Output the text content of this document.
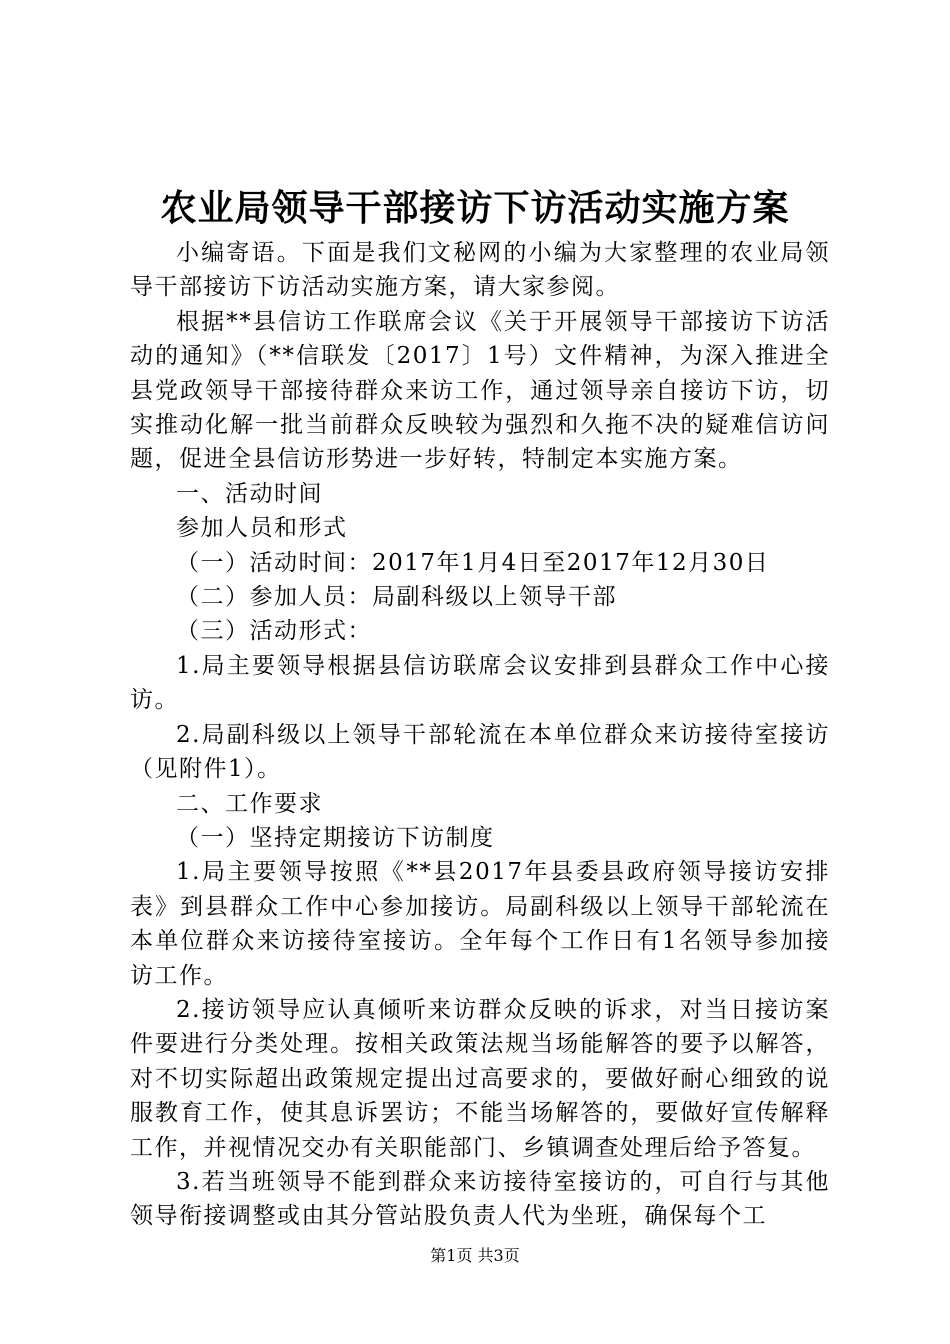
农业局领导干部接访下访活动实施方案

小编寄语。下面是我们文秘网的小编为大家整理的农业局领导干部接访下访活动实施方案，请大家参阅。

根据**县信访工作联席会议《关于开展领导干部接访下访活动的通知》（**信联发〔2017〕1号）文件精神，为深入推进全县党政领导干部接待群众来访工作，通过领导亲自接访下访，切实推动化解一批当前群众反映较为强烈和久拖不决的疑难信访问题，促进全县信访形势进一步好转，特制定本实施方案。

一、活动时间

参加人员和形式

（一）活动时间：2017年1月4日至2017年12月30日

（二）参加人员：局副科级以上领导干部

（三）活动形式：

1.局主要领导根据县信访联席会议安排到县群众工作中心接访。

2.局副科级以上领导干部轮流在本单位群众来访接待室接访（见附件1）。

二、工作要求

（一）坚持定期接访下访制度

1.局主要领导按照《**县2017年县委县政府领导接访安排表》到县群众工作中心参加接访。局副科级以上领导干部轮流在本单位群众来访接待室接访。全年每个工作日有1名领导参加接访工作。

2.接访领导应认真倾听来访群众反映的诉求，对当日接访案件要进行分类处理。按相关政策法规当场能解答的要予以解答，对不切实际超出政策规定提出过高要求的，要做好耐心细致的说服教育工作，使其息诉罢访；不能当场解答的，要做好宣传解释工作，并视情况交办有关职能部门、乡镇调查处理后给予答复。

3.若当班领导不能到群众来访接待室接访的，可自行与其他领导衔接调整或由其分管站股负责人代为坐班，确保每个工

第1页 共3页
